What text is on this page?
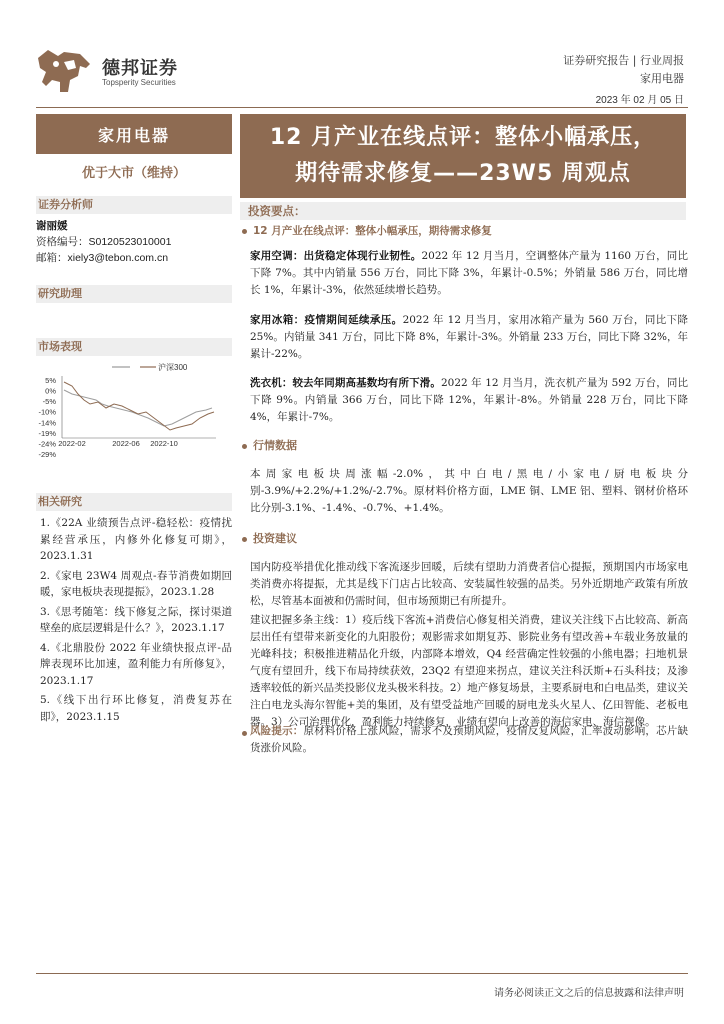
德邦证券
Topsperity Securities
证券研究报告 | 行业周报
家用电器
2023 年 02 月 05 日
家用电器
优于大市（维持）
证券分析师
谢丽媛
资格编号：S0120523010001
邮箱：xiely3@tebon.com.cn
研究助理
市场表现
5%
0%
-5%
-10%
-14%
-19%
-24%
-29%
2022-02	2022-06 2022-10
沪深300
相关研究
1.《22A 业绩预告点评-稳轻松：疫情扰累经营承压，内修外化修复可期》，2023.1.31
2.《家电 23W4 周观点-春节消费如期回暖，家电板块表现提振》，2023.1.28
3.《思考随笔：线下修复之际，探讨渠道壁垒的底层逻辑是什么？》，2023.1.17
4.《北鼎股份 2022 年业绩快报点评-品牌表现环比加速，盈利能力有所修复》，2023.1.17
5.《线下出行环比修复，消费复苏在即》，2023.1.15
12 月产业在线点评：整体小幅承压，
期待需求修复——23W5 周观点
投资要点：
12 月产业在线点评：整体小幅承压，期待需求修复
家用空调：出货稳定体现行业韧性。2022 年 12 月当月，空调整体产量为 1160 万台，同比下降 7%。其中内销量 556 万台，同比下降 3%，年累计-0.5%；外销量 586 万台，同比增长 1%，年累计-3%，依然延续增长趋势。
家用冰箱：疫情期间延续承压。2022 年 12 月当月，家用冰箱产量为 560 万台，同比下降 25%。内销量 341 万台，同比下降 8%，年累计-3%。外销量 233 万台，同比下降 32%，年累计-22%。
洗衣机：较去年同期高基数均有所下滑。2022 年 12 月当月，洗衣机产量为 592 万台，同比下降 9%。内销量 366 万台，同比下降 12%，年累计-8%。外销量 228 万台，同比下降 4%，年累计-7%。
行情数据
本周家电板块周涨幅-2.0%，其中白电/黑电/小家电/厨电板块分别-3.9%/+2.2%/+1.2%/-2.7%。原材料价格方面，LME 铜、LME 铝、塑料、钢材价格环比分别-3.1%、-1.4%、-0.7%、+1.4%。
投资建议
国内防疫举措优化推动线下客流逐步回暖，后续有望助力消费者信心提振，预期国内市场家电类消费亦将提振，尤其是线下门店占比较高、安装属性较强的品类。另外近期地产政策有所放松，尽管基本面被和仍需时间，但市场预期已有所提升。
建议把握多条主线：1）疫后线下客流+消费信心修复相关消费，建议关注线下占比较高、新高层出任有望带来新变化的九阳股份；观影需求如期复苏、影院业务有望改善+车载业务放量的光峰科技；积极推进精品化升级，内部降本增效，Q4 经营确定性较强的小熊电器；扫地机景气度有望回升，线下布局持续获效，23Q2 有望迎来拐点，建议关注科沃斯+石头科技；及渗透率较低的新兴品类投影仪龙头极米科技。2）地产修复场景，主要系厨电和白电品类，建议关注白电龙头海尔智能+美的集团，及有望受益地产回暖的厨电龙头火星人、亿田智能、老板电器。3）公司治理优化，盈利能力持续修复，业绩有望向上改善的海信家电、海信视像。
风险提示：原材料价格上涨风险，需求不及预期风险，疫情反复风险，汇率波动影响，芯片缺货涨价风险。
请务必阅读正文之后的信息披露和法律声明
